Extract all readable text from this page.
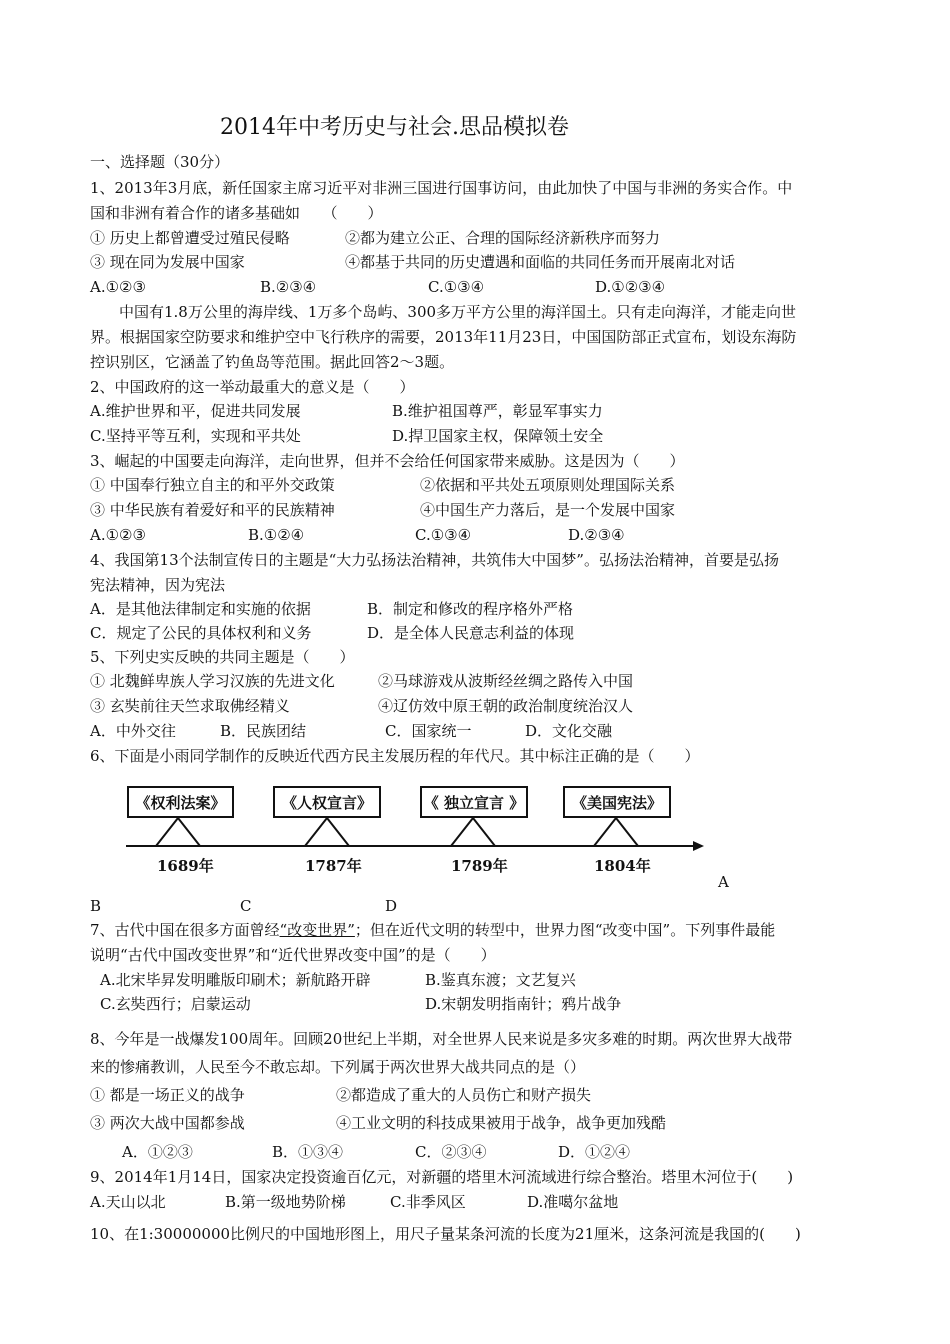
2014年中考历史与社会.思品模拟卷
一、选择题（30分）
1、2013年3月底，新任国家主席习近平对非洲三国进行国事访问，由此加快了中国与非洲的务实合作。中
国和非洲有着合作的诸多基础如　　（　　）
① 历史上都曾遭受过殖民侵略	②都为建立公正、合理的国际经济新秩序而努力
③ 现在同为发展中国家	④都基于共同的历史遭遇和面临的共同任务而开展南北对话
A.①②③	B.②③④	C.①③④	D.①②③④
中国有1.8万公里的海岸线、1万多个岛屿、300多万平方公里的海洋国土。只有走向海洋，才能走向世
界。根据国家空防要求和维护空中飞行秩序的需要，2013年11月23日，中国国防部正式宣布，划设东海防
控识别区，它涵盖了钓鱼岛等范围。据此回答2～3题。
2、中国政府的这一举动最重大的意义是（　　）
A.维护世界和平，促进共同发展	B.维护祖国尊严，彰显军事实力
C.坚持平等互利，实现和平共处	D.捍卫国家主权，保障领土安全
3、崛起的中国要走向海洋，走向世界，但并不会给任何国家带来威胁。这是因为（　　）
① 中国奉行独立自主的和平外交政策	②依据和平共处五项原则处理国际关系
③ 中华民族有着爱好和平的民族精神	④中国生产力落后，是一个发展中国家
A.①②③	B.①②④	C.①③④	D.②③④
4、我国第13个法制宣传日的主题是“大力弘扬法治精神，共筑伟大中国梦”。弘扬法治精神，首要是弘扬
宪法精神，因为宪法
A．是其他法律制定和实施的依据	B．制定和修改的程序格外严格
C．规定了公民的具体权利和义务	D．是全体人民意志利益的体现
5、下列史实反映的共同主题是（　　）
① 北魏鲜卑族人学习汉族的先进文化	②马球游戏从波斯经丝绸之路传入中国
③ 玄奘前往天竺求取佛经精义	④辽仿效中原王朝的政治制度统治汉人
A．中外交往	B．民族团结	C．国家统一	D．文化交融
6、下面是小雨同学制作的反映近代西方民主发展历程的年代尺。其中标注正确的是（　　）
《权利法案》	《人权宣言》	《 独立宣言 》	《美国宪法》
1689年	1787年	1789年	1804年
A
B	C	D
7、古代中国在很多方面曾经“改变世界”；但在近代文明的转型中，世界力图“改变中国”。下列事件最能
说明“古代中国改变世界”和“近代世界改变中国”的是（　　）
A.北宋毕昇发明雕版印刷术；新航路开辟	B.鉴真东渡；文艺复兴
C.玄奘西行；启蒙运动	D.宋朝发明指南针；鸦片战争
8、今年是一战爆发100周年。回顾20世纪上半期，对全世界人民来说是多灾多难的时期。两次世界大战带
来的惨痛教训，人民至今不敢忘却。下列属于两次世界大战共同点的是（）
① 都是一场正义的战争	②都造成了重大的人员伤亡和财产损失
③ 两次大战中国都参战	④工业文明的科技成果被用于战争，战争更加残酷
A．①②③	B．①③④	C．②③④	D．①②④
9、2014年1月14日，国家决定投资逾百亿元，对新疆的塔里木河流域进行综合整治。塔里木河位于(　　)
A.天山以北	B.第一级地势阶梯	C.非季风区	D.准噶尔盆地
10、在1:30000000比例尺的中国地形图上，用尺子量某条河流的长度为21厘米，这条河流是我国的(　　)
